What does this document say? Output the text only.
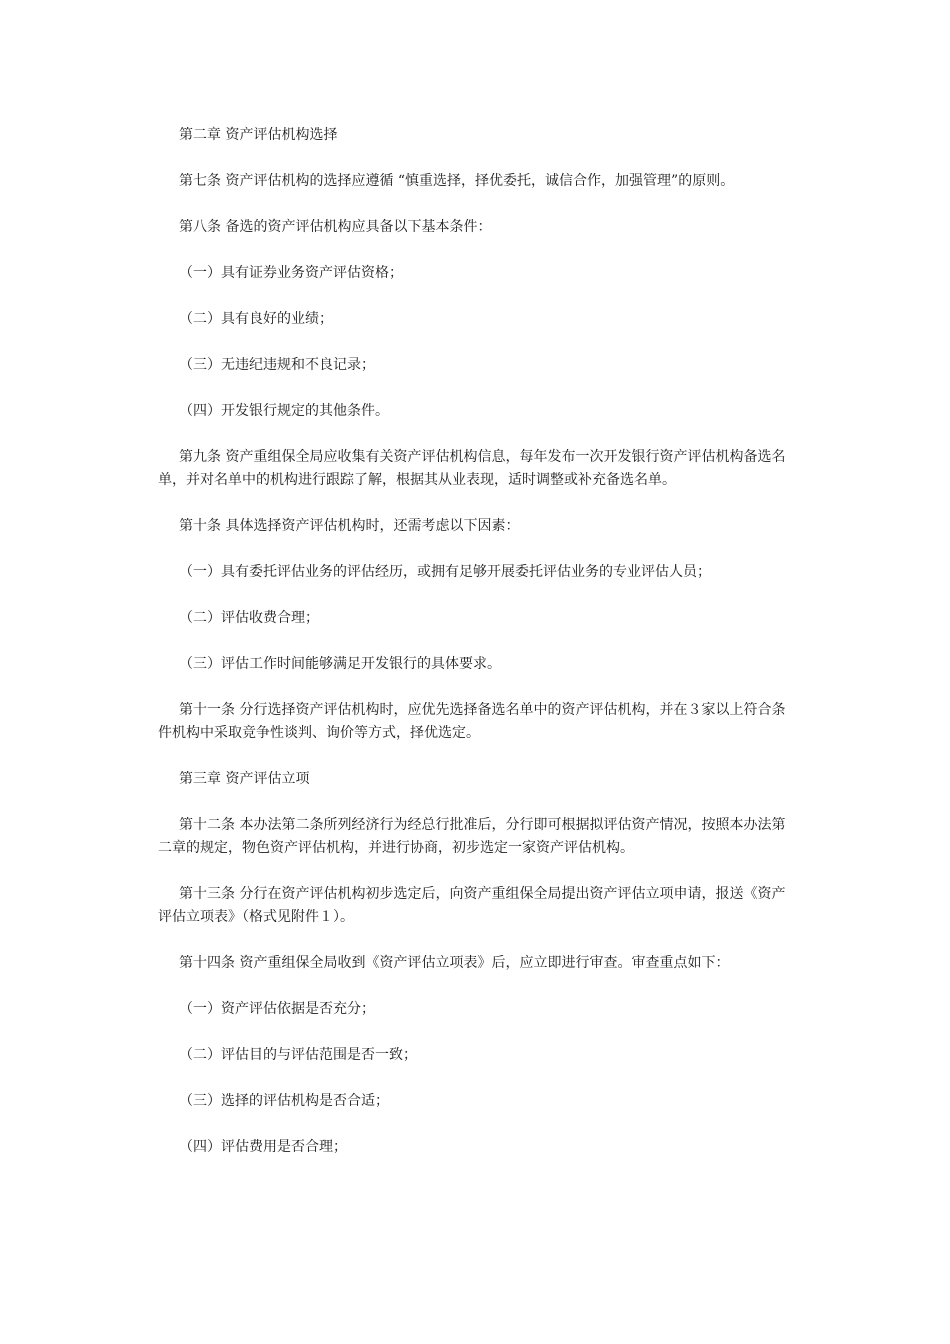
第二章 资产评估机构选择

第七条 资产评估机构的选择应遵循 “慎重选择，择优委托，诚信合作，加强管理”的原则。

第八条 备选的资产评估机构应具备以下基本条件：

（一）具有证券业务资产评估资格；

（二）具有良好的业绩；

（三）无违纪违规和不良记录；

（四）开发银行规定的其他条件。

第九条 资产重组保全局应收集有关资产评估机构信息，每年发布一次开发银行资产评估机构备选名单，并对名单中的机构进行跟踪了解，根据其从业表现，适时调整或补充备选名单。

第十条 具体选择资产评估机构时，还需考虑以下因素：

（一）具有委托评估业务的评估经历，或拥有足够开展委托评估业务的专业评估人员；

（二）评估收费合理；

（三）评估工作时间能够满足开发银行的具体要求。

第十一条 分行选择资产评估机构时，应优先选择备选名单中的资产评估机构，并在３家以上符合条件机构中采取竞争性谈判、询价等方式，择优选定。

第三章 资产评估立项

第十二条 本办法第二条所列经济行为经总行批准后，分行即可根据拟评估资产情况，按照本办法第二章的规定，物色资产评估机构，并进行协商，初步选定一家资产评估机构。

第十三条 分行在资产评估机构初步选定后，向资产重组保全局提出资产评估立项申请，报送《资产评估立项表》（格式见附件１）。

第十四条 资产重组保全局收到《资产评估立项表》后，应立即进行审查。审查重点如下：

（一）资产评估依据是否充分；

（二）评估目的与评估范围是否一致；

（三）选择的评估机构是否合适；

（四）评估费用是否合理；
